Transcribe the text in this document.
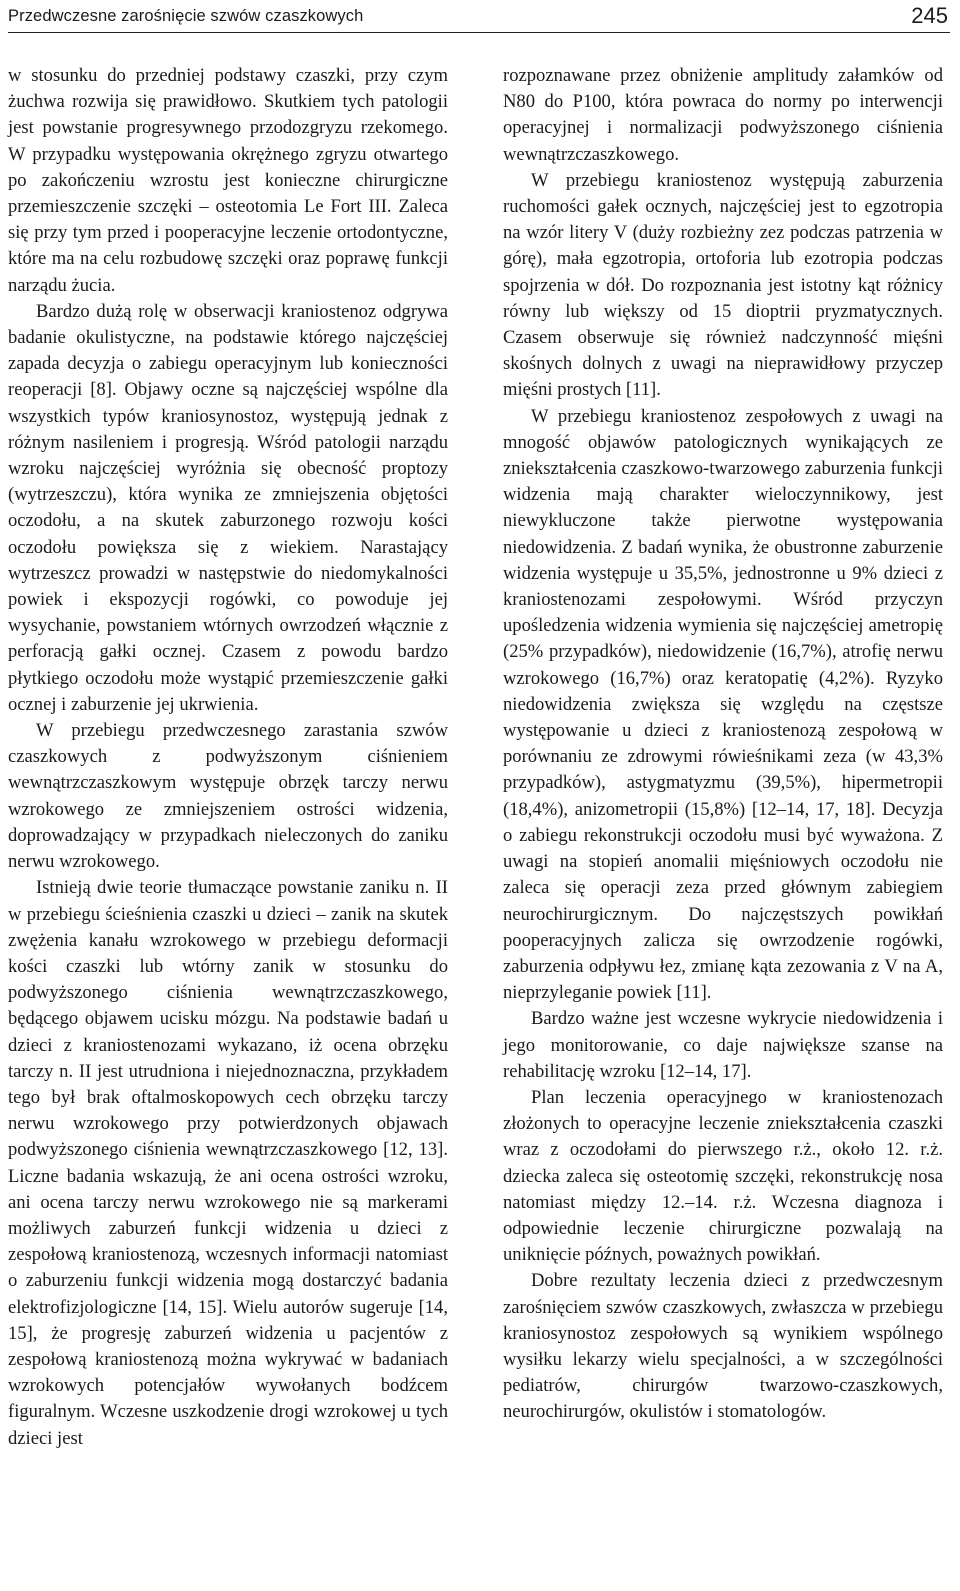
Przedwczesne zarośnięcie szwów czaszkowych	245

w stosunku do przedniej podstawy czaszki, przy czym żuchwa rozwija się prawidłowo. Skutkiem tych patologii jest powstanie progresywnego przodozgryzu rzekomego. W przypadku występowania okrężnego zgryzu otwartego po zakończeniu wzrostu jest konieczne chirurgiczne przemieszczenie szczęki – osteotomia Le Fort III. Zaleca się przy tym przed i pooperacyjne leczenie ortodontyczne, które ma na celu rozbudowę szczęki oraz poprawę funkcji narządu żucia.

Bardzo dużą rolę w obserwacji kraniostenoz odgrywa badanie okulistyczne, na podstawie którego najczęściej zapada decyzja o zabiegu operacyjnym lub konieczności reoperacji [8]. Objawy oczne są najczęściej wspólne dla wszystkich typów kraniosynostoz, występują jednak z różnym nasileniem i progresją. Wśród patologii narządu wzroku najczęściej wyróżnia się obecność proptozy (wytrzeszczu), która wynika ze zmniejszenia objętości oczodołu, a na skutek zaburzonego rozwoju kości oczodołu powiększa się z wiekiem. Narastający wytrzeszcz prowadzi w następstwie do niedomykalności powiek i ekspozycji rogówki, co powoduje jej wysychanie, powstaniem wtórnych owrzodzeń włącznie z perforacją gałki ocznej. Czasem z powodu bardzo płytkiego oczodołu może wystąpić przemieszczenie gałki ocznej i zaburzenie jej ukrwienia.

W przebiegu przedwczesnego zarastania szwów czaszkowych z podwyższonym ciśnieniem wewnątrzczaszkowym występuje obrzęk tarczy nerwu wzrokowego ze zmniejszeniem ostrości widzenia, doprowadzający w przypadkach nieleczonych do zaniku nerwu wzrokowego.

Istnieją dwie teorie tłumaczące powstanie zaniku n. II w przebiegu ścieśnienia czaszki u dzieci – zanik na skutek zwężenia kanału wzrokowego w przebiegu deformacji kości czaszki lub wtórny zanik w stosunku do podwyższonego ciśnienia wewnątrzczaszkowego, będącego objawem ucisku mózgu. Na podstawie badań u dzieci z kraniostenozami wykazano, iż ocena obrzęku tarczy n. II jest utrudniona i niejednoznaczna, przykładem tego był brak oftalmoskopowych cech obrzęku tarczy nerwu wzrokowego przy potwierdzonych objawach podwyższonego ciśnienia wewnątrzczaszkowego [12, 13]. Liczne badania wskazują, że ani ocena ostrości wzroku, ani ocena tarczy nerwu wzrokowego nie są markerami możliwych zaburzeń funkcji widzenia u dzieci z zespołową kraniostenozą, wczesnych informacji natomiast o zaburzeniu funkcji widzenia mogą dostarczyć badania elektrofizjologiczne [14, 15]. Wielu autorów sugeruje [14, 15], że progresję zaburzeń widzenia u pacjentów z zespołową kraniostenozą można wykrywać w badaniach wzrokowych potencjałów wywołanych bodźcem figuralnym. Wczesne uszkodzenie drogi wzrokowej u tych dzieci jest

rozpoznawane przez obniżenie amplitudy załamków od N80 do P100, która powraca do normy po interwencji operacyjnej i normalizacji podwyższonego ciśnienia wewnątrzczaszkowego.

W przebiegu kraniostenoz występują zaburzenia ruchomości gałek ocznych, najczęściej jest to egzotropia na wzór litery V (duży rozbieżny zez podczas patrzenia w górę), mała egzotropia, ortoforia lub ezotropia podczas spojrzenia w dół. Do rozpoznania jest istotny kąt różnicy równy lub większy od 15 dioptrii pryzmatycznych. Czasem obserwuje się również nadczynność mięśni skośnych dolnych z uwagi na nieprawidłowy przyczep mięśni prostych [11].

W przebiegu kraniostenoz zespołowych z uwagi na mnogość objawów patologicznych wynikających ze zniekształcenia czaszkowo-twarzowego zaburzenia funkcji widzenia mają charakter wieloczynnikowy, jest niewykluczone także pierwotne występowania niedowidzenia. Z badań wynika, że obustronne zaburzenie widzenia występuje u 35,5%, jednostronne u 9% dzieci z kraniostenozami zespołowymi. Wśród przyczyn upośledzenia widzenia wymienia się najczęściej ametropię (25% przypadków), niedowidzenie (16,7%), atrofię nerwu wzrokowego (16,7%) oraz keratopatię (4,2%). Ryzyko niedowidzenia zwiększa się względu na częstsze występowanie u dzieci z kraniostenozą zespołową w porównaniu ze zdrowymi rówieśnikami zeza (w 43,3% przypadków), astygmatyzmu (39,5%), hipermetropii (18,4%), anizometropii (15,8%) [12–14, 17, 18]. Decyzja o zabiegu rekonstrukcji oczodołu musi być wyważona. Z uwagi na stopień anomalii mięśniowych oczodołu nie zaleca się operacji zeza przed głównym zabiegiem neurochirurgicznym. Do najczęstszych powikłań pooperacyjnych zalicza się owrzodzenie rogówki, zaburzenia odpływu łez, zmianę kąta zezowania z V na A, nieprzyleganie powiek [11].

Bardzo ważne jest wczesne wykrycie niedowidzenia i jego monitorowanie, co daje największe szanse na rehabilitację wzroku [12–14, 17].

Plan leczenia operacyjnego w kraniostenozach złożonych to operacyjne leczenie zniekształcenia czaszki wraz z oczodołami do pierwszego r.ż., około 12. r.ż. dziecka zaleca się osteotomię szczęki, rekonstrukcję nosa natomiast między 12.–14. r.ż. Wczesna diagnoza i odpowiednie leczenie chirurgiczne pozwalają na uniknięcie późnych, poważnych powikłań.

Dobre rezultaty leczenia dzieci z przedwczesnym zarośnięciem szwów czaszkowych, zwłaszcza w przebiegu kraniosynostoz zespołowych są wynikiem wspólnego wysiłku lekarzy wielu specjalności, a w szczególności pediatrów, chirurgów twarzowo-czaszkowych, neurochirurgów, okulistów i stomatologów.
